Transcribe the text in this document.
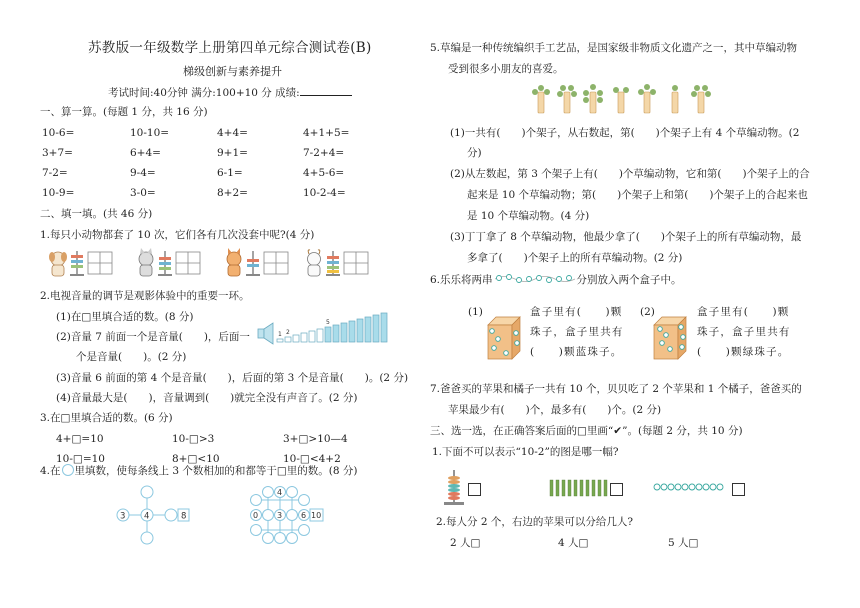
苏教版一年级数学上册第四单元综合测试卷(B)
梯级创新与素养提升
考试时间:40分钟 满分:100+10 分 成绩:
一、算一算。(每题 1 分，共 16 分)
10-6=	10-10=	4+4=	4+1+5=
3+7=	6+4=	9+1=	7-2+4=
7-2=	9-4=	6-1=	4+5-6=
10-9=	3-0=	8+2=	10-2-4=
二、填一填。(共 46 分)
1.每只小动物都套了 10 次，它们各有几次没套中呢?(4 分)
2.电视音量的调节是观影体验中的重要一环。
(1)在□里填合适的数。(8 分)
(2)音量 7 前面一个是音量(　　)，后面一
个是音量(　　)。(2 分)
1 2
5
(3)音量 6 前面的第 4 个是音量(　　)，后面的第 3 个是音量(　　)。(2 分)
(4)音量最大是(　　)，音量调到(　　)就完全没有声音了。(2 分)
3.在□里填合适的数。(6 分)
4+□=10	10-□>3	3+□>10—4
10-□=10	8+□<10	10-□<4+2
4.在 里填数，使每条线上 3 个数相加的和都等于□里的数。(8 分)
3 4	8
4
0 3 6 10
5.草编是一种传统编织手工艺品，是国家级非物质文化遗产之一，其中草编动物
受到很多小朋友的喜爱。
(1)一共有(　　)个架子，从右数起，第(　　)个架子上有 4 个草编动物。(2
分)
(2)从左数起，第 3 个架子上有(　　)个草编动物，它和第(　　)个架子上的合
起来是 10 个草编动物；第(　　)个架子上和第(　　)个架子上的合起来也
是 10 个草编动物。(4 分)
(3)丁丁拿了 8 个草编动物，他最少拿了(　　)个架子上的所有草编动物，最
多拿了(　　)个架子上的所有草编动物。(2 分)
6.乐乐将两串	分别放入两个盒子中。
(1)	盒子里有(　　)颗
珠子，盒子里共有
(　　)颗蓝珠子。
(2)	盒子里有(　　)颗
珠子，盒子里共有
(　　)颗绿珠子。
7.爸爸买的苹果和橘子一共有 10 个，贝贝吃了 2 个苹果和 1 个橘子，爸爸买的
苹果最少有(　　)个，最多有(　　)个。(2 分)
三、选一选，在正确答案后面的□里画“✔”。(每题 2 分，共 10 分)
1.下面不可以表示“10-2”的图是哪一幅?
2.每人分 2 个，右边的苹果可以分给几人?
2 人□	4 人□	5 人□
